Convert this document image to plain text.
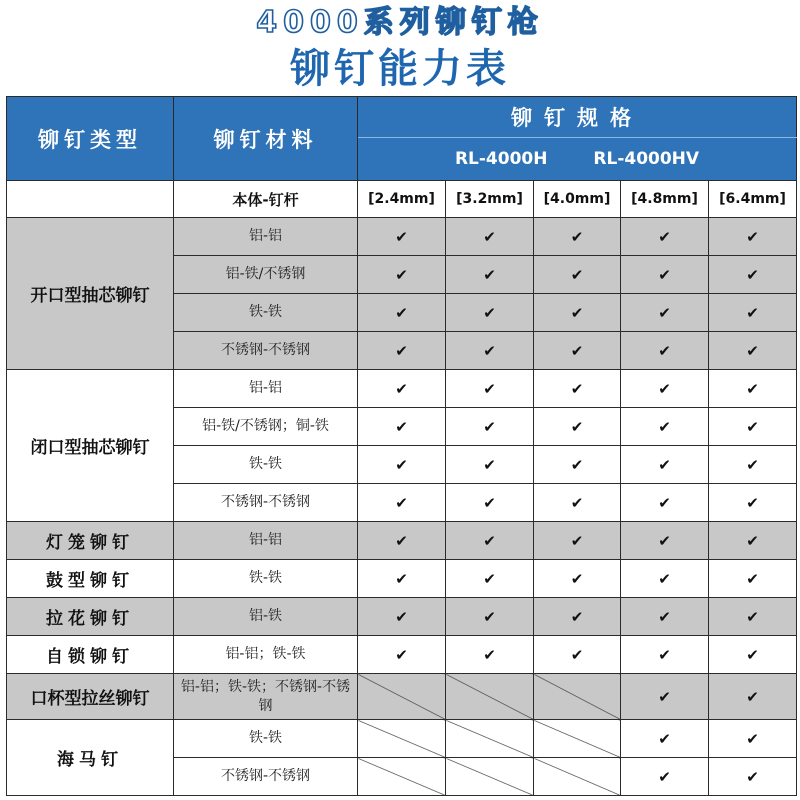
4000系列铆钉枪
铆钉能力表
铆钉类型	铆钉材料	铆钉规格				
		RL-4000H RL-4000HV				
	本体-钉杆	[2.4mm]	[3.2mm]	[4.0mm]	[4.8mm]	[6.4mm]
开口型抽芯铆钉	铝-铝	✔	✔	✔	✔	✔
	铝-铁/不锈钢	✔	✔	✔	✔	✔
	铁-铁	✔	✔	✔	✔	✔
	不锈钢-不锈钢	✔	✔	✔	✔	✔
闭口型抽芯铆钉	铝-铝	✔	✔	✔	✔	✔
	铝-铁/不锈钢；铜-铁	✔	✔	✔	✔	✔
	铁-铁	✔	✔	✔	✔	✔
	不锈钢-不锈钢	✔	✔	✔	✔	✔
灯笼铆钉	铝-铝	✔	✔	✔	✔	✔
鼓型铆钉	铁-铁	✔	✔	✔	✔	✔
拉花铆钉	铝-铁	✔	✔	✔	✔	✔
自锁铆钉	铝-铝；铁-铁	✔	✔	✔	✔	✔
口杯型拉丝铆钉	铝-铝；铁-铁；不锈钢-不锈钢				✔	✔
海马钉	铁-铁				✔	✔
	不锈钢-不锈钢				✔	✔
